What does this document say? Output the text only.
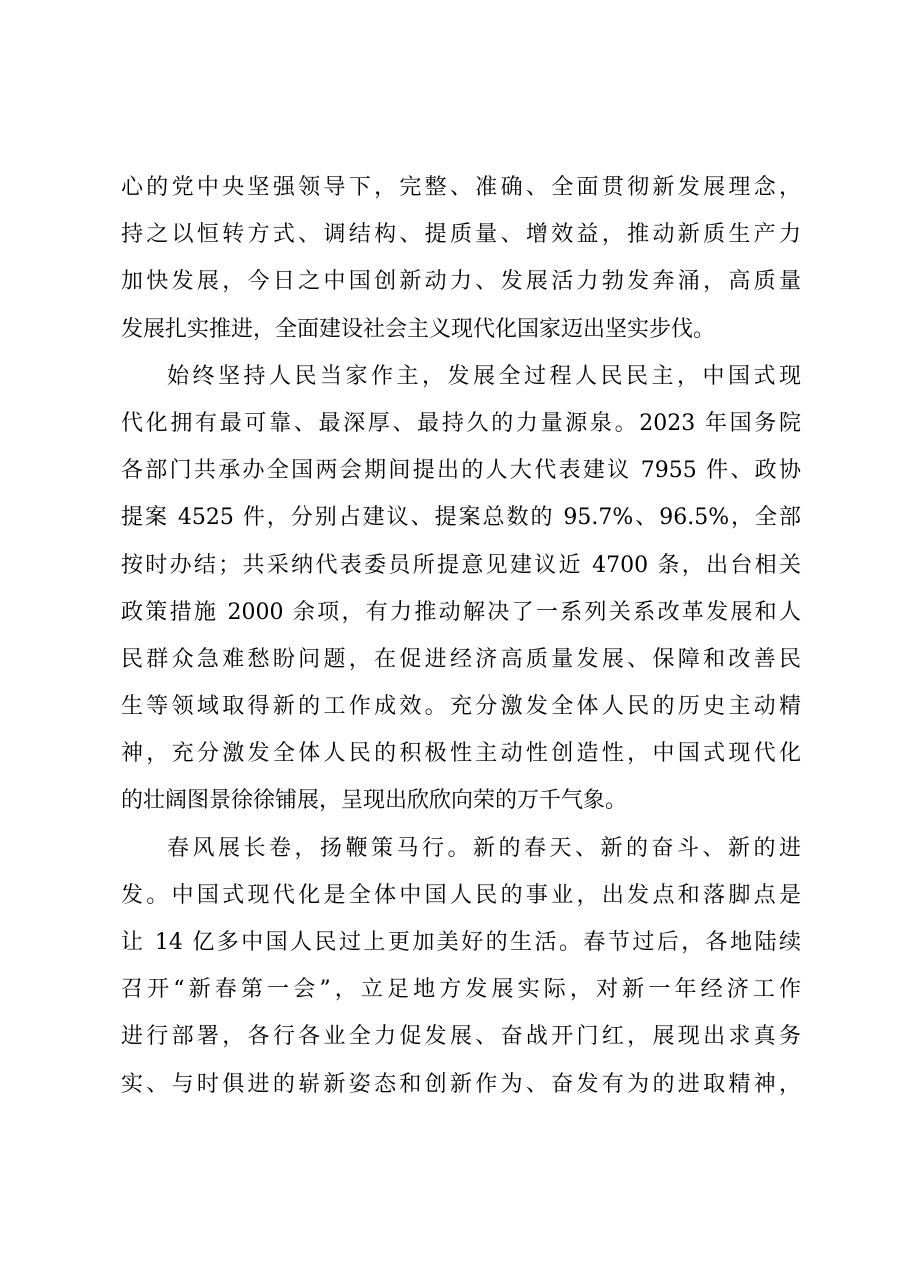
心的党中央坚强领导下，完整、准确、全面贯彻新发展理念，
持之以恒转方式、调结构、提质量、增效益，推动新质生产力
加快发展，今日之中国创新动力、发展活力勃发奔涌，高质量
发展扎实推进，全面建设社会主义现代化国家迈出坚实步伐。
始终坚持人民当家作主，发展全过程人民民主，中国式现
代化拥有最可靠、最深厚、最持久的力量源泉。2023 年国务院
各部门共承办全国两会期间提出的人大代表建议 7955 件、政协
提案 4525 件，分别占建议、提案总数的 95.7%、96.5%，全部
按时办结；共采纳代表委员所提意见建议近 4700 条，出台相关
政策措施 2000 余项，有力推动解决了一系列关系改革发展和人
民群众急难愁盼问题，在促进经济高质量发展、保障和改善民
生等领域取得新的工作成效。充分激发全体人民的历史主动精
神，充分激发全体人民的积极性主动性创造性，中国式现代化
的壮阔图景徐徐铺展，呈现出欣欣向荣的万千气象。
春风展长卷，扬鞭策马行。新的春天、新的奋斗、新的进
发。中国式现代化是全体中国人民的事业，出发点和落脚点是
让 14 亿多中国人民过上更加美好的生活。春节过后，各地陆续
召开“新春第一会”，立足地方发展实际，对新一年经济工作
进行部署，各行各业全力促发展、奋战开门红，展现出求真务
实、与时俱进的崭新姿态和创新作为、奋发有为的进取精神，
